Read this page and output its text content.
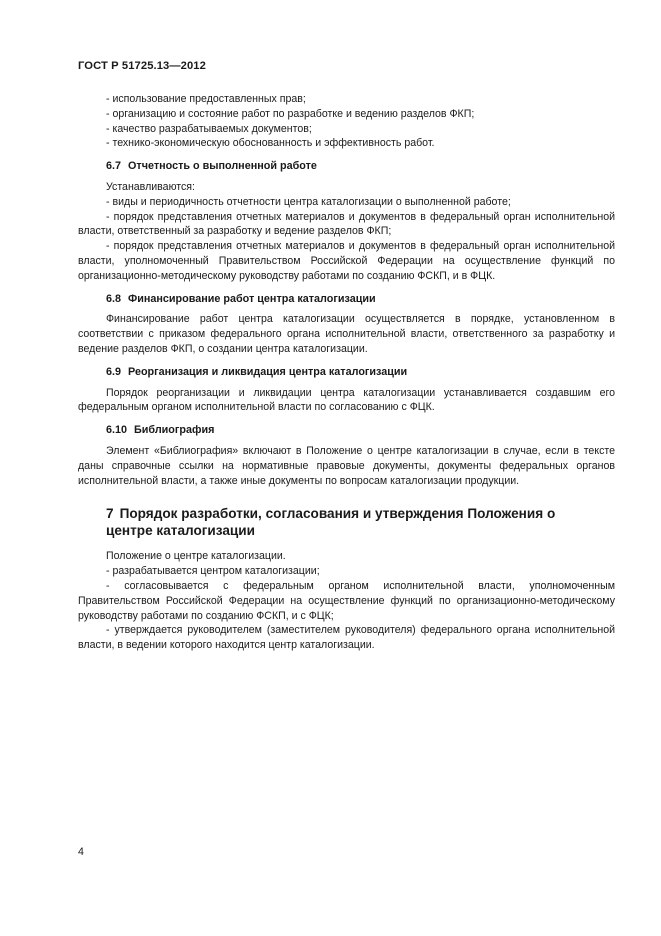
ГОСТ Р 51725.13—2012

- использование предоставленных прав;

- организацию и состояние работ по разработке и ведению разделов ФКП;

- качество разрабатываемых документов;

- технико-экономическую обоснованность и эффективность работ.

6.7 Отчетность о выполненной работе

Устанавливаются:

- виды и периодичность отчетности центра каталогизации о выполненной работе;

- порядок представления отчетных материалов и документов в федеральный орган исполнительной власти, ответственный за разработку и ведение разделов ФКП;

- порядок представления отчетных материалов и документов в федеральный орган исполнительной власти, уполномоченный Правительством Российской Федерации на осуществление функций по организационно-методическому руководству работами по созданию ФСКП, и в ФЦК.

6.8 Финансирование работ центра каталогизации

Финансирование работ центра каталогизации осуществляется в порядке, установленном в соответствии с приказом федерального органа исполнительной власти, ответственного за разработку и ведение разделов ФКП, о создании центра каталогизации.

6.9 Реорганизация и ликвидация центра каталогизации

Порядок реорганизации и ликвидации центра каталогизации устанавливается создавшим его федеральным органом исполнительной власти по согласованию с ФЦК.

6.10 Библиография

Элемент «Библиография» включают в Положение о центре каталогизации в случае, если в тексте даны справочные ссылки на нормативные правовые документы, документы федеральных органов исполнительной власти, а также иные документы по вопросам каталогизации продукции.

7 Порядок разработки, согласования и утверждения Положения о центре каталогизации

Положение о центре каталогизации.

- разрабатывается центром каталогизации;

- согласовывается с федеральным органом исполнительной власти, уполномоченным Правительством Российской Федерации на осуществление функций по организационно-методическому руководству работами по созданию ФСКП, и с ФЦК;

- утверждается руководителем (заместителем руководителя) федерального органа исполнительной власти, в ведении которого находится центр каталогизации.

4
